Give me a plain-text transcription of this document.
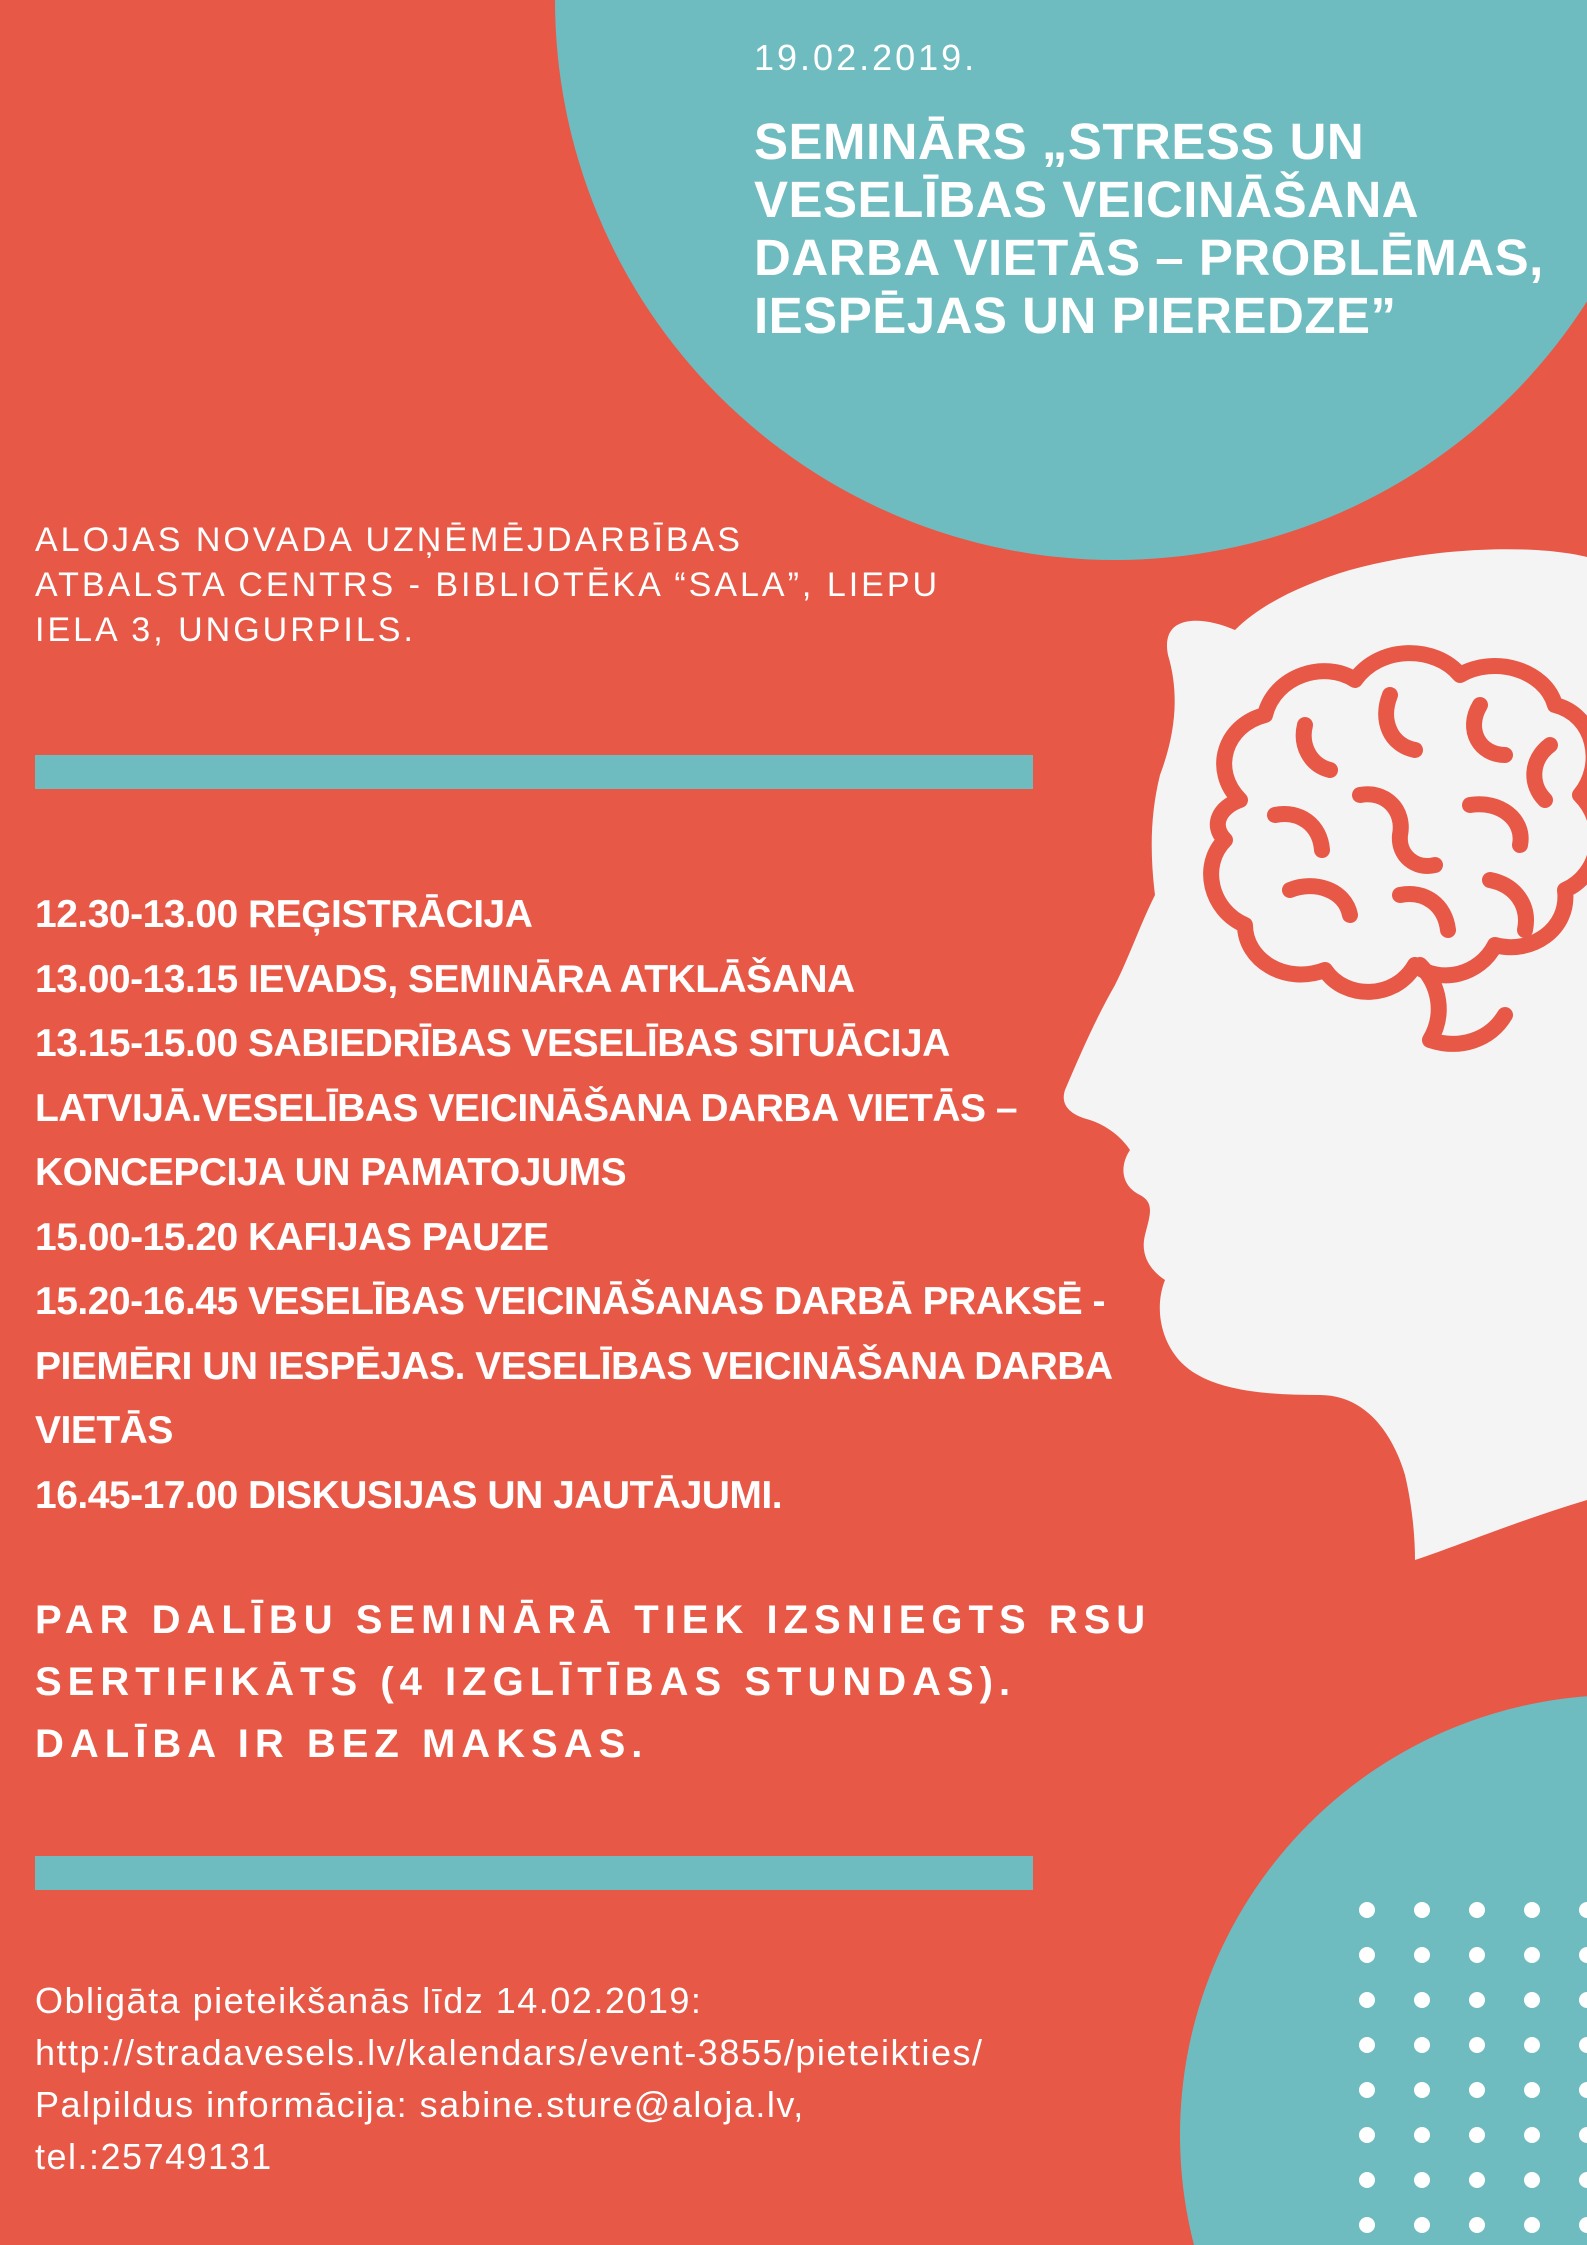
19.02.2019.
SEMINĀRS „STRESS UN
VESELĪBAS VEICINĀŠANA
DARBA VIETĀS – PROBLĒMAS,
IESPĒJAS UN PIEREDZE”
ALOJAS NOVADA UZŅĒMĒJDARBĪBAS
ATBALSTA CENTRS - BIBLIOTĒKA “SALA”, LIEPU
IELA 3, UNGURPILS.
12.30-13.00 REĢISTRĀCIJA
13.00-13.15 IEVADS, SEMINĀRA ATKLĀŠANA
13.15-15.00 SABIEDRĪBAS VESELĪBAS SITUĀCIJA
LATVIJĀ.VESELĪBAS VEICINĀŠANA DARBA VIETĀS –
KONCEPCIJA UN PAMATOJUMS
15.00-15.20 KAFIJAS PAUZE
15.20-16.45 VESELĪBAS VEICINĀŠANAS DARBĀ PRAKSĒ -
PIEMĒRI UN IESPĒJAS. VESELĪBAS VEICINĀŠANA DARBA
VIETĀS
16.45-17.00 DISKUSIJAS UN JAUTĀJUMI.
PAR DALĪBU SEMINĀRĀ TIEK IZSNIEGTS RSU
SERTIFIKĀTS (4 IZGLĪTĪBAS STUNDAS).
DALĪBA IR BEZ MAKSAS.
Obligāta pieteikšanās līdz 14.02.2019:
http://stradavesels.lv/kalendars/event-3855/pieteikties/
Palpildus informācija: sabine.sture@aloja.lv,
tel.:25749131
